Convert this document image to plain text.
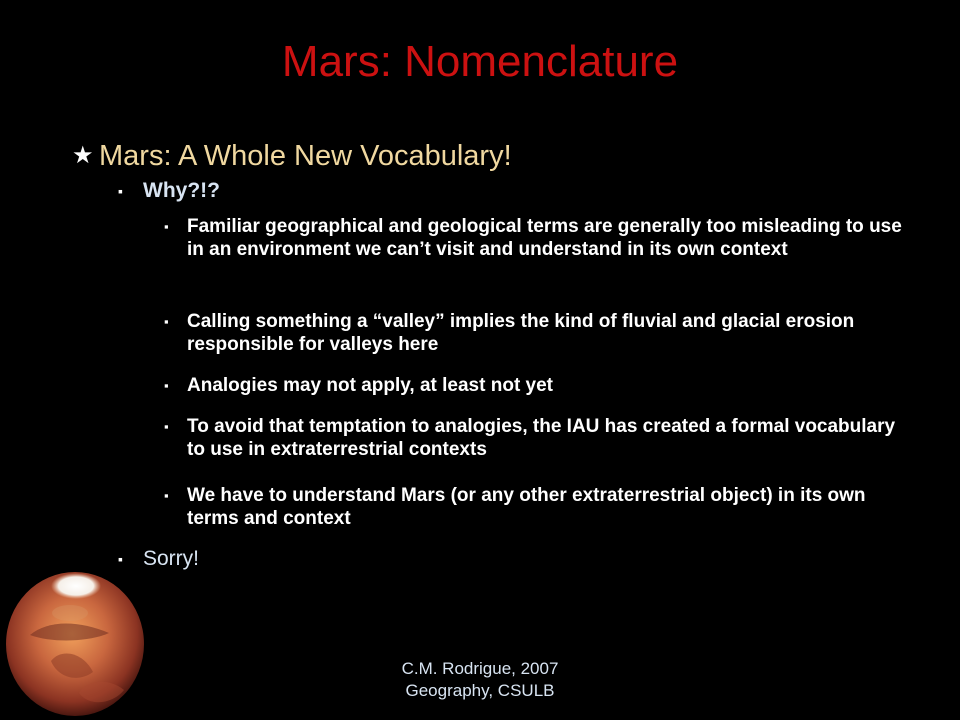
Mars: Nomenclature
★ Mars: A Whole New Vocabulary!
▪ Why?!?
▪ Familiar geographical and geological terms are generally too misleading to use in an environment we can’t visit and understand in its own context
▪ Calling something a “valley” implies the kind of fluvial and glacial erosion responsible for valleys here
▪ Analogies may not apply, at least not yet
▪ To avoid that temptation to analogies, the IAU has created a formal vocabulary to use in extraterrestrial contexts
▪ We have to understand Mars (or any other extraterrestrial object) in its own terms and context
▪ Sorry!
C.M. Rodrigue, 2007
Geography, CSULB
